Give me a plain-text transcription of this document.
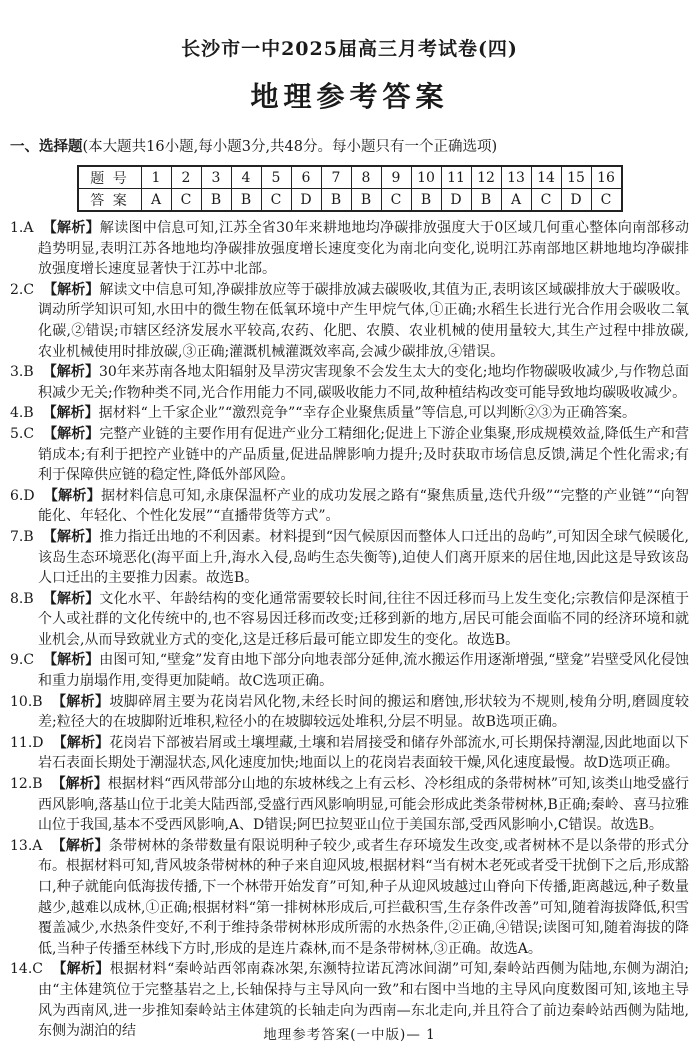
长沙市一中2025届高三月考试卷(四)
地理参考答案
一、选择题(本大题共16小题,每小题3分,共48分。每小题只有一个正确选项)
题 号	1	2	3	4	5	6	7	8	9	10	11	12	13	14	15	16
答 案	A	C	B	B	C	D	B	B	C	B	D	B	A	C	D	C
1.A 【解析】解读图中信息可知,江苏全省30年来耕地地均净碳排放强度大于0区域几何重心整体向南部移动趋势明显,表明江苏各地地均净碳排放强度增长速度变化为南北向变化,说明江苏南部地区耕地地均净碳排放强度增长速度显著快于江苏中北部。
2.C 【解析】解读文中信息可知,净碳排放应等于碳排放减去碳吸收,其值为正,表明该区域碳排放大于碳吸收。调动所学知识可知,水田中的微生物在低氧环境中产生甲烷气体,①正确;水稻生长进行光合作用会吸收二氧化碳,②错误;市辖区经济发展水平较高,农药、化肥、农膜、农业机械的使用量较大,其生产过程中排放碳,农业机械使用时排放碳,③正确;灌溉机械灌溉效率高,会减少碳排放,④错误。
3.B 【解析】30年来苏南各地太阳辐射及旱涝灾害现象不会发生太大的变化;地均作物碳吸收减少,与作物总面积减少无关;作物种类不同,光合作用能力不同,碳吸收能力不同,故种植结构改变可能导致地均碳吸收减少。
4.B 【解析】据材料“上千家企业”“激烈竞争”“幸存企业聚焦质量”等信息,可以判断②③为正确答案。
5.C 【解析】完整产业链的主要作用有促进产业分工精细化;促进上下游企业集聚,形成规模效益,降低生产和营销成本;有利于把控产业链中的产品质量,促进品牌影响力提升;及时获取市场信息反馈,满足个性化需求;有利于保障供应链的稳定性,降低外部风险。
6.D 【解析】据材料信息可知,永康保温杯产业的成功发展之路有“聚焦质量,迭代升级”“完整的产业链”“向智能化、年轻化、个性化发展”“直播带货等方式”。
7.B 【解析】推力指迁出地的不利因素。材料提到“因气候原因而整体人口迁出的岛屿”,可知因全球气候暖化,该岛生态环境恶化(海平面上升,海水入侵,岛屿生态失衡等),迫使人们离开原来的居住地,因此这是导致该岛人口迁出的主要推力因素。故选B。
8.B 【解析】文化水平、年龄结构的变化通常需要较长时间,往往不因迁移而马上发生变化;宗教信仰是深植于个人或社群的文化传统中的,也不容易因迁移而改变;迁移到新的地方,居民可能会面临不同的经济环境和就业机会,从而导致就业方式的变化,这是迁移后最可能立即发生的变化。故选B。
9.C 【解析】由图可知,“壁龛”发育由地下部分向地表部分延伸,流水搬运作用逐渐增强,“壁龛”岩壁受风化侵蚀和重力崩塌作用,变得更加陡峭。故C选项正确。
10.B 【解析】坡脚碎屑主要为花岗岩风化物,未经长时间的搬运和磨蚀,形状较为不规则,棱角分明,磨圆度较差;粒径大的在坡脚附近堆积,粒径小的在坡脚较远处堆积,分层不明显。故B选项正确。
11.D 【解析】花岗岩下部被岩屑或土壤埋藏,土壤和岩屑接受和储存外部流水,可长期保持潮湿,因此地面以下岩石表面长期处于潮湿状态,风化速度加快;地面以上的花岗岩表面较干燥,风化速度最慢。故D选项正确。
12.B 【解析】根据材料“西风带部分山地的东坡林线之上有云杉、冷杉组成的条带树林”可知,该类山地受盛行西风影响,落基山位于北美大陆西部,受盛行西风影响明显,可能会形成此类条带树林,B正确;秦岭、喜马拉雅山位于我国,基本不受西风影响,A、D错误;阿巴拉契亚山位于美国东部,受西风影响小,C错误。故选B。
13.A 【解析】条带树林的条带数量有限说明种子较少,或者生存环境发生改变,或者树林不是以条带的形式分布。根据材料可知,背风坡条带树林的种子来自迎风坡,根据材料“当有树木老死或者受干扰倒下之后,形成豁口,种子就能向低海拔传播,下一个林带开始发育”可知,种子从迎风坡越过山脊向下传播,距离越远,种子数量越少,越难以成林,①正确;根据材料“第一排树林形成后,可拦截积雪,生存条件改善”可知,随着海拔降低,积雪覆盖减少,水热条件变好,不利于维持条带树林形成所需的水热条件,②正确,④错误;读图可知,随着海拔的降低,当种子传播至林线下方时,形成的是连片森林,而不是条带树林,③正确。故选A。
14.C 【解析】根据材料“秦岭站西邻南森冰架,东濒特拉诺瓦湾冰间湖”可知,秦岭站西侧为陆地,东侧为湖泊;由“主体建筑位于完整基岩之上,长轴保持与主导风向一致”和右图中当地的主导风向度数图可知,该地主导风为西南风,进一步推知秦岭站主体建筑的长轴走向为西南—东北走向,并且符合了前边秦岭站西侧为陆地,东侧为湖泊的结	地理参考答案(一中版)— 1
